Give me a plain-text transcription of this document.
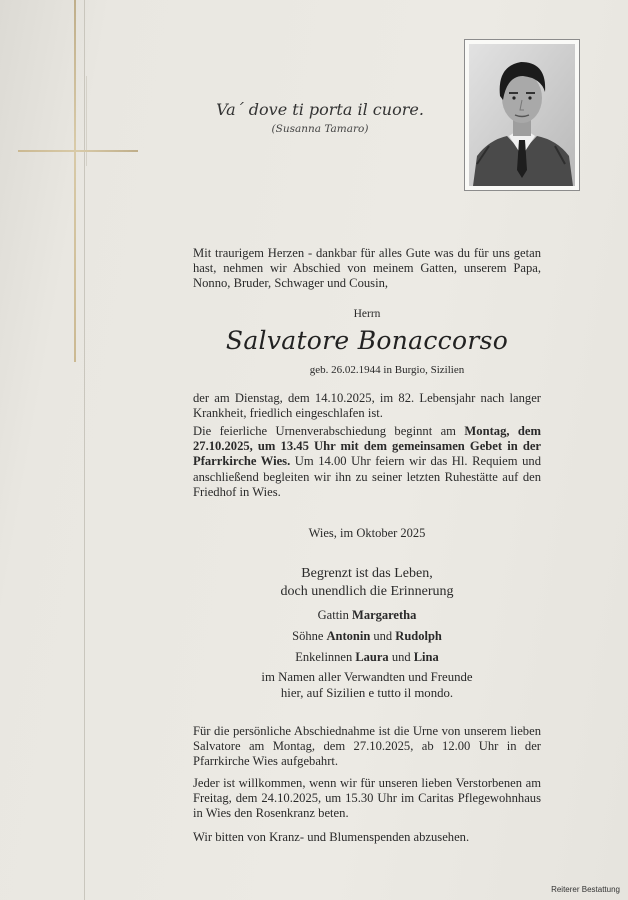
Va´ dove ti porta il cuore.
(Susanna Tamaro)
Mit traurigem Herzen - dankbar für alles Gute was du für uns getan hast, nehmen wir Abschied von meinem Gatten, unserem Papa, Nonno, Bruder, Schwager und Cousin,
Herrn
Salvatore Bonaccorso
geb. 26.02.1944 in Burgio, Sizilien
der am Dienstag, dem 14.10.2025, im 82. Lebensjahr nach langer Krankheit, friedlich eingeschlafen ist.
Die feierliche Urnenverabschiedung beginnt am Montag, dem 27.10.2025, um 13.45 Uhr mit dem gemeinsamen Gebet in der Pfarrkirche Wies. Um 14.00 Uhr feiern wir das Hl. Requiem und anschließend begleiten wir ihn zu seiner letzten Ruhestätte auf den Friedhof in Wies.
Wies, im Oktober 2025
Begrenzt ist das Leben,
doch unendlich die Erinnerung
Gattin Margaretha
Söhne Antonin und Rudolph
Enkelinnen Laura und Lina
im Namen aller Verwandten und Freunde
hier, auf Sizilien e tutto il mondo.
Für die persönliche Abschiednahme ist die Urne von unserem lieben Salvatore am Montag, dem 27.10.2025, ab 12.00 Uhr in der Pfarrkirche Wies aufgebahrt.
Jeder ist willkommen, wenn wir für unseren lieben Verstorbenen am Freitag, dem 24.10.2025, um 15.30 Uhr im Caritas Pflegewohnhaus in Wies den Rosenkranz beten.
Wir bitten von Kranz- und Blumenspenden abzusehen.
Reiterer Bestattung
